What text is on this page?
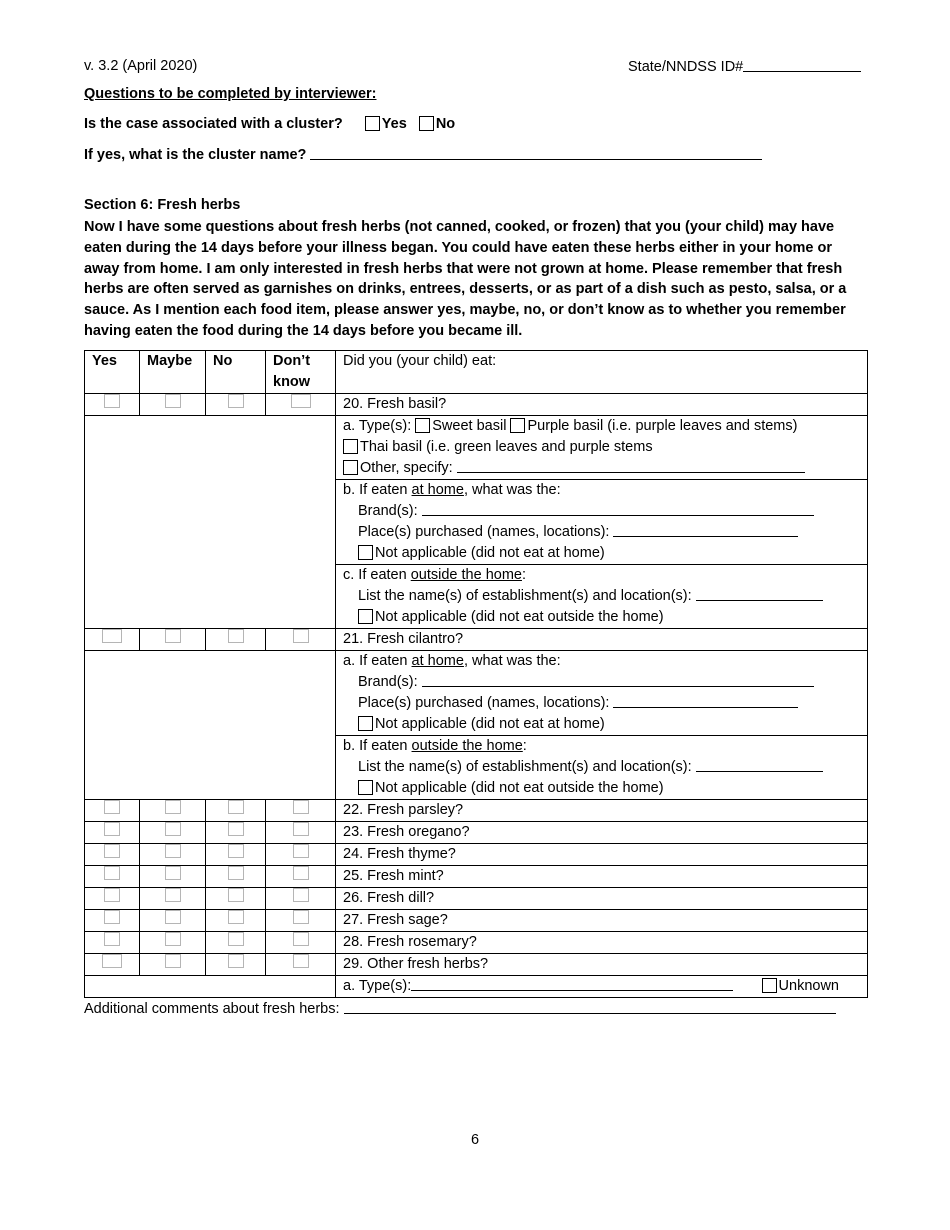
v. 3.2 (April 2020)	State/NNDSS ID#
Questions to be completed by interviewer:
Is the case associated with a cluster?	Yes No
If yes, what is the cluster name?
Section 6: Fresh herbs
Now I have some questions about fresh herbs (not canned, cooked, or frozen) that you (your child) may have eaten during the 14 days before your illness began. You could have eaten these herbs either in your home or away from home. I am only interested in fresh herbs that were not grown at home. Please remember that fresh herbs are often served as garnishes on drinks, entrees, desserts, or as part of a dish such as pesto, salsa, or a sauce. As I mention each food item, please answer yes, maybe, no, or don’t know as to whether you remember having eaten the food during the 14 days before you became ill.
Yes	Maybe	No	Don’t know	Did you (your child) eat:
				20. Fresh basil?
				a. Type(s): Sweet basil Purple basil (i.e. purple leaves and stems)
Thai basil (i.e. green leaves and purple stems
Other, specify:
				b. If eaten at home, what was the:

Brand(s):
Place(s) purchased (names, locations):
Not applicable (did not eat at home)

				c. If eaten outside the home:

List the name(s) of establishment(s) and location(s):
Not applicable (did not eat outside the home)

				21. Fresh cilantro?
				a. If eaten at home, what was the:

Brand(s):
Place(s) purchased (names, locations):
Not applicable (did not eat at home)

				b. If eaten outside the home:

List the name(s) of establishment(s) and location(s):
Not applicable (did not eat outside the home)

				22. Fresh parsley?
				23. Fresh oregano?
				24. Fresh thyme?
				25. Fresh mint?
				26. Fresh dill?
				27. Fresh sage?
				28. Fresh rosemary?
				29. Other fresh herbs?
				a. Type(s): Unknown
Additional comments about fresh herbs:
6
